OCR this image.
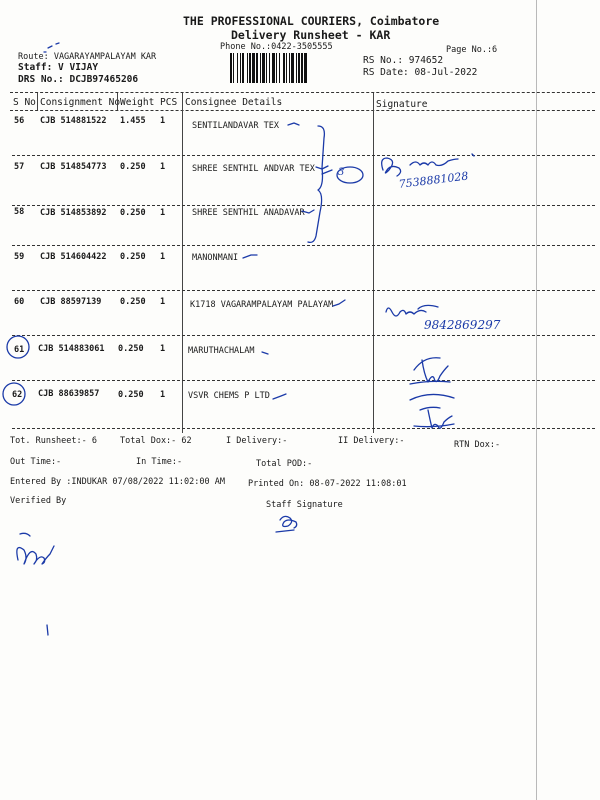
THE PROFESSIONAL COURIERS, Coimbatore
Delivery Runsheet - KAR
Phone No.:0422-3505555	Page No.:6
Route: VAGARAYAMPALAYAM KAR
Staff: V VIJAY
DRS No.: DCJB97465206
RS No.: 974652
RS Date: 08-Jul-2022
S No Consignment No Weight PCS Consignee Details	Signature
56 CJB 514881522 1.455 1	SENTILANDAVAR TEX
57 CJB 514854773 0.250 1	SHREE SENTHIL ANDVAR TEX
58 CJB 514853892 0.250 1	SHREE SENTHIL ANADAVAR
59 CJB 514604422 0.250 1	MANONMANI
60 CJB 88597139 0.250 1	K1718 VAGARAMPALAYAM PALAYAM
61 CJB 514883061 0.250 1	MARUTHACHALAM
62 CJB 88639857 0.250 1	VSVR CHEMS P LTD
Tot. Runsheet:- 6	Total Dox:- 62	I Delivery:-	II Delivery:-	RTN Dox:-
Out Time:-	In Time:-	Total POD:-
Entered By :INDUKAR 07/08/2022 11:02:00 AM	Printed On: 08-07-2022 11:08:01
Verified By	Staff Signature
3	7538881028
9842869297
